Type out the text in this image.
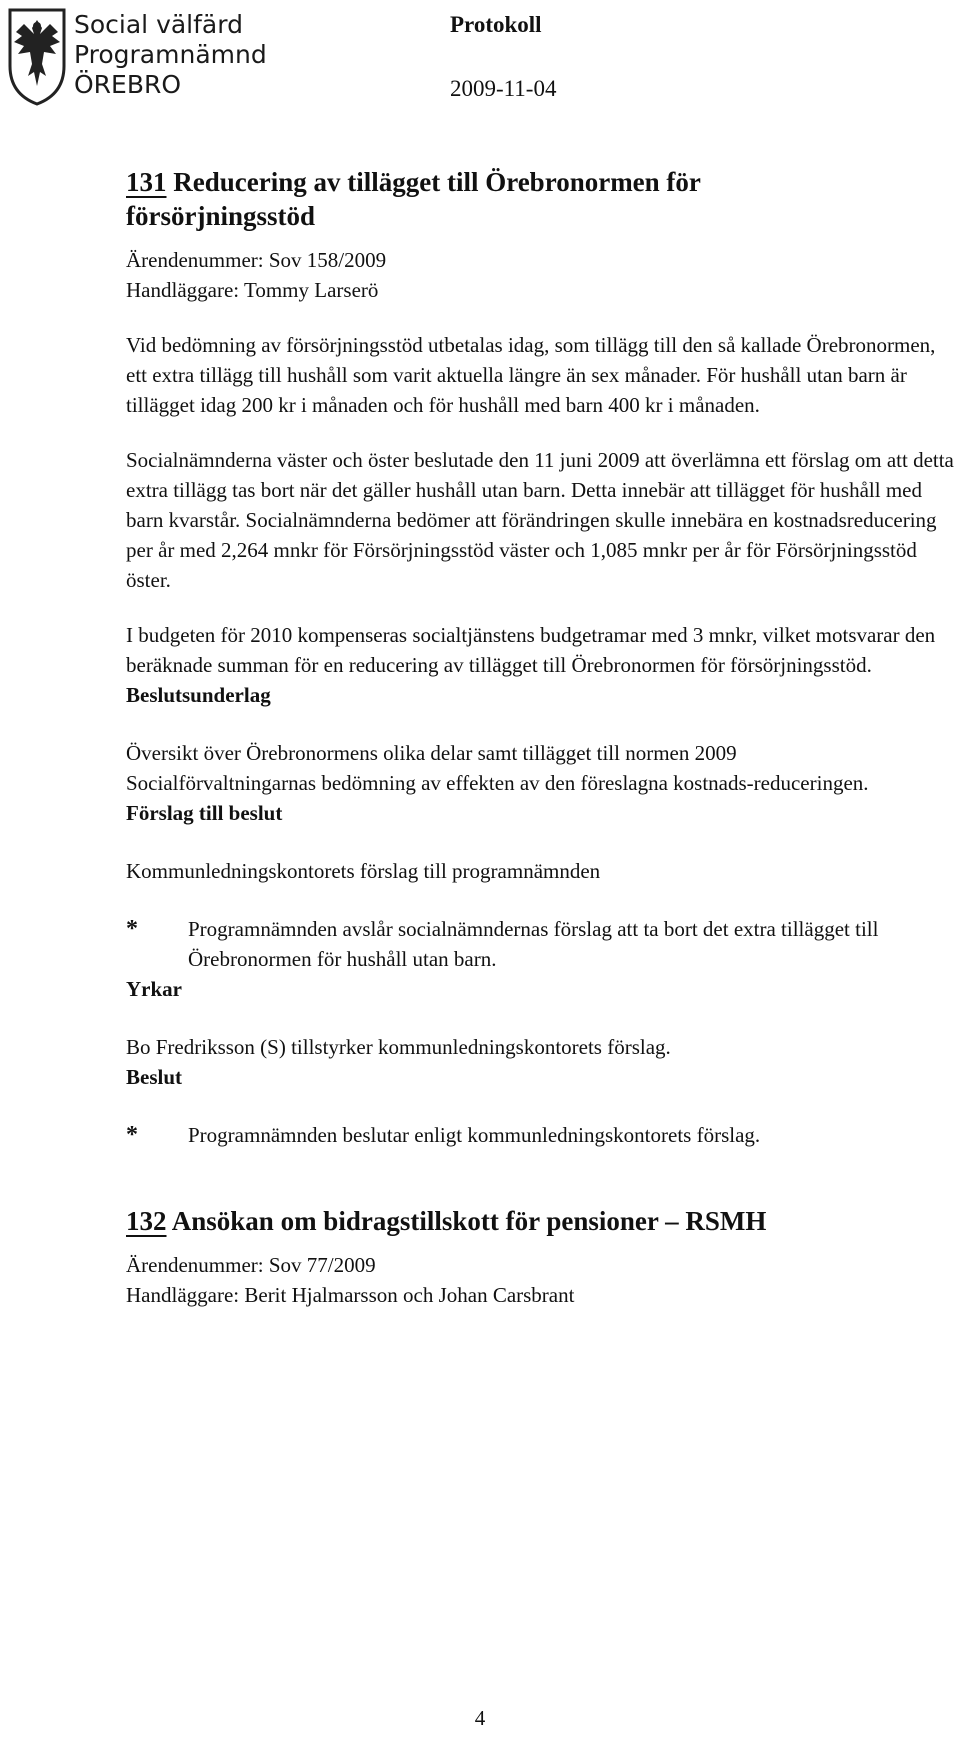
Social välfärd
Programnämnd
ÖREBRO
Protokoll
2009-11-04
131 Reducering av tillägget till Örebronormen för
försörjningsstöd
Ärendenummer: Sov 158/2009
Handläggare: Tommy Larserö

Vid bedömning av försörjningsstöd utbetalas idag, som tillägg till den så kallade Örebronormen, ett extra tillägg till hushåll som varit aktuella längre än sex månader. För hushåll utan barn är tillägget idag 200 kr i månaden och för hushåll med barn 400 kr i månaden.

Socialnämnderna väster och öster beslutade den 11 juni 2009 att överlämna ett förslag om att detta extra tillägg tas bort när det gäller hushåll utan barn. Detta innebär att tillägget för hushåll med barn kvarstår. Socialnämnderna bedömer att förändringen skulle innebära en kostnadsreducering per år med 2,264 mnkr för Försörjningsstöd väster och 1,085 mnkr per år för Försörjningsstöd öster.

I budgeten för 2010 kompenseras socialtjänstens budgetramar med 3 mnkr, vilket motsvarar den beräknade summan för en reducering av tillägget till Örebronormen för försörjningsstöd.

Beslutsunderlag

Översikt över Örebronormens olika delar samt tillägget till normen 2009

Socialförvaltningarnas bedömning av effekten av den föreslagna kostnads-reduceringen.

Förslag till beslut

Kommunledningskontorets förslag till programnämnden

*	Programnämnden avslår socialnämndernas förslag att ta bort det extra tillägget till Örebronormen för hushåll utan barn.
Yrkar

Bo Fredriksson (S) tillstyrker kommunledningskontorets förslag.

Beslut
*	Programnämnden beslutar enligt kommunledningskontorets förslag.
132 Ansökan om bidragstillskott för pensioner – RSMH
Ärendenummer: Sov 77/2009
Handläggare: Berit Hjalmarsson och Johan Carsbrant
4
